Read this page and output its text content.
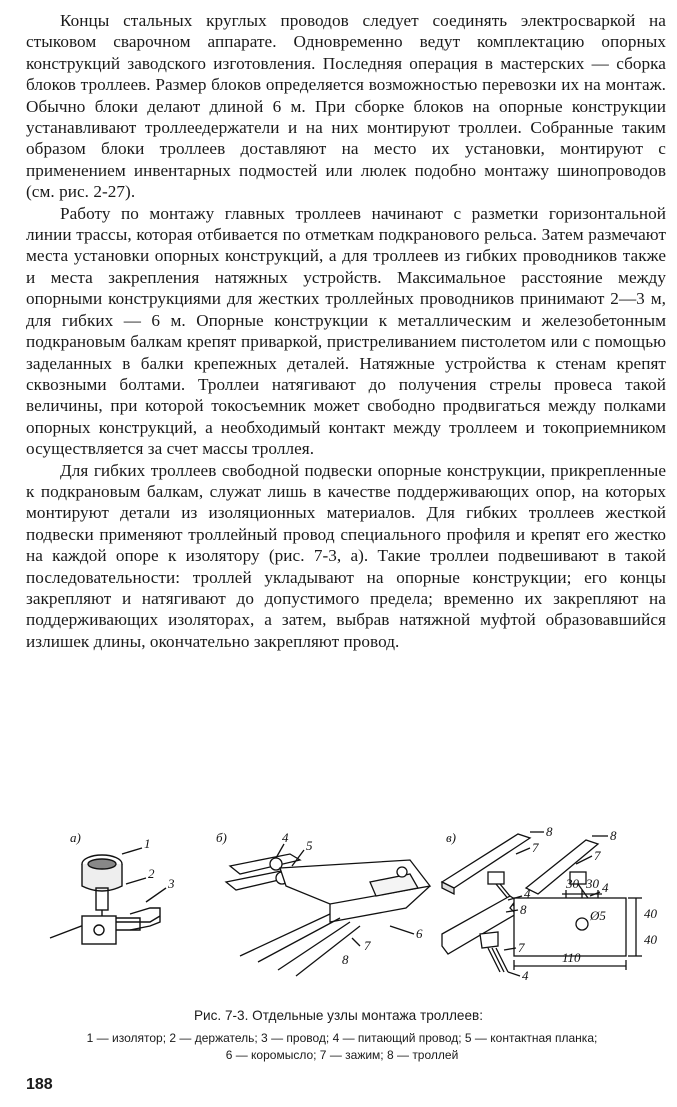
Концы стальных круглых проводов следует соединять электросваркой на стыковом сварочном аппарате. Одновременно ведут комплектацию опорных конструкций заводского изготовления. Последняя операция в мастерских — сборка блоков троллеев. Размер блоков определяется возможностью перевозки их на монтаж. Обычно блоки делают длиной 6 м. При сборке блоков на опорные конструкции устанавливают троллеедержатели и на них монтируют троллеи. Собранные таким образом блоки троллеев доставляют на место их установки, монтируют с применением инвентарных подмостей или люлек подобно монтажу шинопроводов (см. рис. 2-27).

Работу по монтажу главных троллеев начинают с разметки горизонтальной линии трассы, которая отбивается по отметкам подкранового рельса. Затем размечают места установки опорных конструкций, а для троллеев из гибких проводников также и места закрепления натяжных устройств. Максимальное расстояние между опорными конструкциями для жестких троллейных проводников принимают 2—3 м, для гибких — 6 м. Опорные конструкции к металлическим и железобетонным подкрановым балкам крепят приваркой, пристреливанием пистолетом или с помощью заделанных в балки крепежных деталей. Натяжные устройства к стенам крепят сквозными болтами. Троллеи натягивают до получения стрелы провеса такой величины, при которой токосъемник может свободно продвигаться между полками опорных конструкций, а необходимый контакт между троллеем и токоприемником осуществляется за счет массы троллея.

Для гибких троллеев свободной подвески опорные конструкции, прикрепленные к подкрановым балкам, служат лишь в качестве поддерживающих опор, на которых монтируют детали из изоляционных материалов. Для гибких троллеев жесткой подвески применяют троллейный провод специального профиля и крепят его жестко на каждой опоре к изолятору (рис. 7-3, а). Такие троллеи подвешивают в такой последовательности: троллей укладывают на опорные конструкции; его концы закрепляют и натягивают до допустимого предела; временно их закрепляют на поддерживающих изоляторах, а затем, выбрав натяжной муфтой образовавшийся излишек длины, окончательно закрепляют провод.

а)	1
2
3
б)	4
5
6
7
8
в)	8	8
7
7
4	4
8
7
4
30 30
40
40
Ø5
110
Рис. 7-3. Отдельные узлы монтажа троллеев:
1 — изолятор; 2 — держатель; 3 — провод; 4 — питающий провод; 5 — контактная планка;
6 — коромысло; 7 — зажим; 8 — троллей
188
